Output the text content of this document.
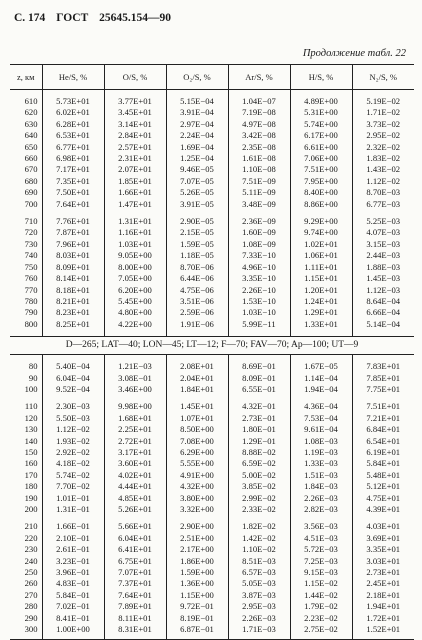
С. 174 ГОСТ 25645.154—90
Продолжение табл. 22
z, км	He/S, %	O/S, %	O₂/S, %	Ar/S, %	H/S, %	N₂/S, %

610	5.73E+01	3.77E+01	5.15E−04	1.04E−07	4.89E+00	5.19E−02
620	6.02E+01	3.45E+01	3.91E−04	7.19E−08	5.31E+00	1.71E−02
630	6.28E+01	3.14E+01	2.97E−04	4.97E−08	5.74E+00	3.73E−02
640	6.53E+01	2.84E+01	2.24E−04	3.42E−08	6.17E+00	2.95E−02
650	6.77E+01	2.57E+01	1.69E−04	2.35E−08	6.61E+00	2.32E−02
660	6.98E+01	2.31E+01	1.25E−04	1.61E−08	7.06E+00	1.83E−02
670	7.17E+01	2.07E+01	9.46E−05	1.10E−08	7.51E+00	1.43E−02
680	7.35E+01	1.85E+01	7.07E−05	7.51E−09	7.95E+00	1.12E−02
690	7.50E+01	1.66E+01	5.26E−05	5.11E−09	8.40E+00	8.70E−03
700	7.64E+01	1.47E+01	3.91E−05	3.48E−09	8.86E+00	6.77E−03

710	7.76E+01	1.31E+01	2.90E−05	2.36E−09	9.29E+00	5.25E−03
720	7.87E+01	1.16E+01	2.15E−05	1.60E−09	9.74E+00	4.07E−03
730	7.96E+01	1.03E+01	1.59E−05	1.08E−09	1.02E+01	3.15E−03
740	8.03E+01	9.05E+00	1.18E−05	7.33E−10	1.06E+01	2.44E−03
750	8.09E+01	8.00E+00	8.70E−06	4.96E−10	1.11E+01	1.88E−03
760	8.14E+01	7.05E+00	6.44E−06	3.35E−10	1.15E+01	1.45E−03
770	8.18E+01	6.20E+00	4.75E−06	2.26E−10	1.20E+01	1.12E−03
780	8.21E+01	5.45E+00	3.51E−06	1.53E−10	1.24E+01	8.64E−04
790	8.23E+01	4.80E+00	2.59E−06	1.03E−10	1.29E+01	6.66E−04
800	8.25E+01	4.22E+00	1.91E−06	5.99E−11	1.33E+01	5.14E−04

D—265; LAT—40; LON—45; LT—12; F—70; FAV—70; Ap—100; UT—9						

80	5.40E−04	1.21E−03	2.08E+01	8.69E−01	1.67E−05	7.83E+01
90	6.04E−04	3.08E−01	2.04E+01	8.09E−01	1.14E−04	7.85E+01
100	9.52E−04	3.46E+00	1.84E+01	6.55E−01	1.94E−04	7.75E+01

110	2.30E−03	9.98E+00	1.45E+01	4.32E−01	4.36E−04	7.51E+01
120	5.50E−03	1.68E+01	1.07E+01	2.73E−01	7.53E−04	7.21E+01
130	1.12E−02	2.25E+01	8.50E+00	1.80E−01	9.61E−04	6.84E+01
140	1.93E−02	2.72E+01	7.08E+00	1.29E−01	1.08E−03	6.54E+01
150	2.92E−02	3.17E+01	6.29E+00	8.88E−02	1.19E−03	6.19E+01
160	4.18E−02	3.60E+01	5.55E+00	6.59E−02	1.33E−03	5.84E+01
170	5.74E−02	4.02E+01	4.91E+00	5.00E−02	1.51E−03	5.48E+01
180	7.70E−02	4.44E+01	4.32E+00	3.85E−02	1.84E−03	5.12E+01
190	1.01E−01	4.85E+01	3.80E+00	2.99E−02	2.26E−03	4.75E+01
200	1.31E−01	5.26E+01	3.32E+00	2.33E−02	2.82E−03	4.39E+01

210	1.66E−01	5.66E+01	2.90E+00	1.82E−02	3.56E−03	4.03E+01
220	2.10E−01	6.04E+01	2.51E+00	1.42E−02	4.51E−03	3.69E+01
230	2.61E−01	6.41E+01	2.17E+00	1.10E−02	5.72E−03	3.35E+01
240	3.23E−01	6.75E+01	1.86E+00	8.51E−03	7.25E−03	3.03E+01
250	3.96E−01	7.07E+01	1.59E+00	6.57E−03	9.15E−03	2.73E+01
260	4.83E−01	7.37E+01	1.36E+00	5.05E−03	1.15E−02	2.45E+01
270	5.84E−01	7.64E+01	1.15E+00	3.87E−03	1.44E−02	2.18E+01
280	7.02E−01	7.89E+01	9.72E−01	2.95E−03	1.79E−02	1.94E+01
290	8.41E−01	8.11E+01	8.19E−01	2.26E−03	2.23E−02	1.72E+01
300	1.00E+00	8.31E+01	6.87E−01	1.71E−03	2.75E−02	1.52E+01
